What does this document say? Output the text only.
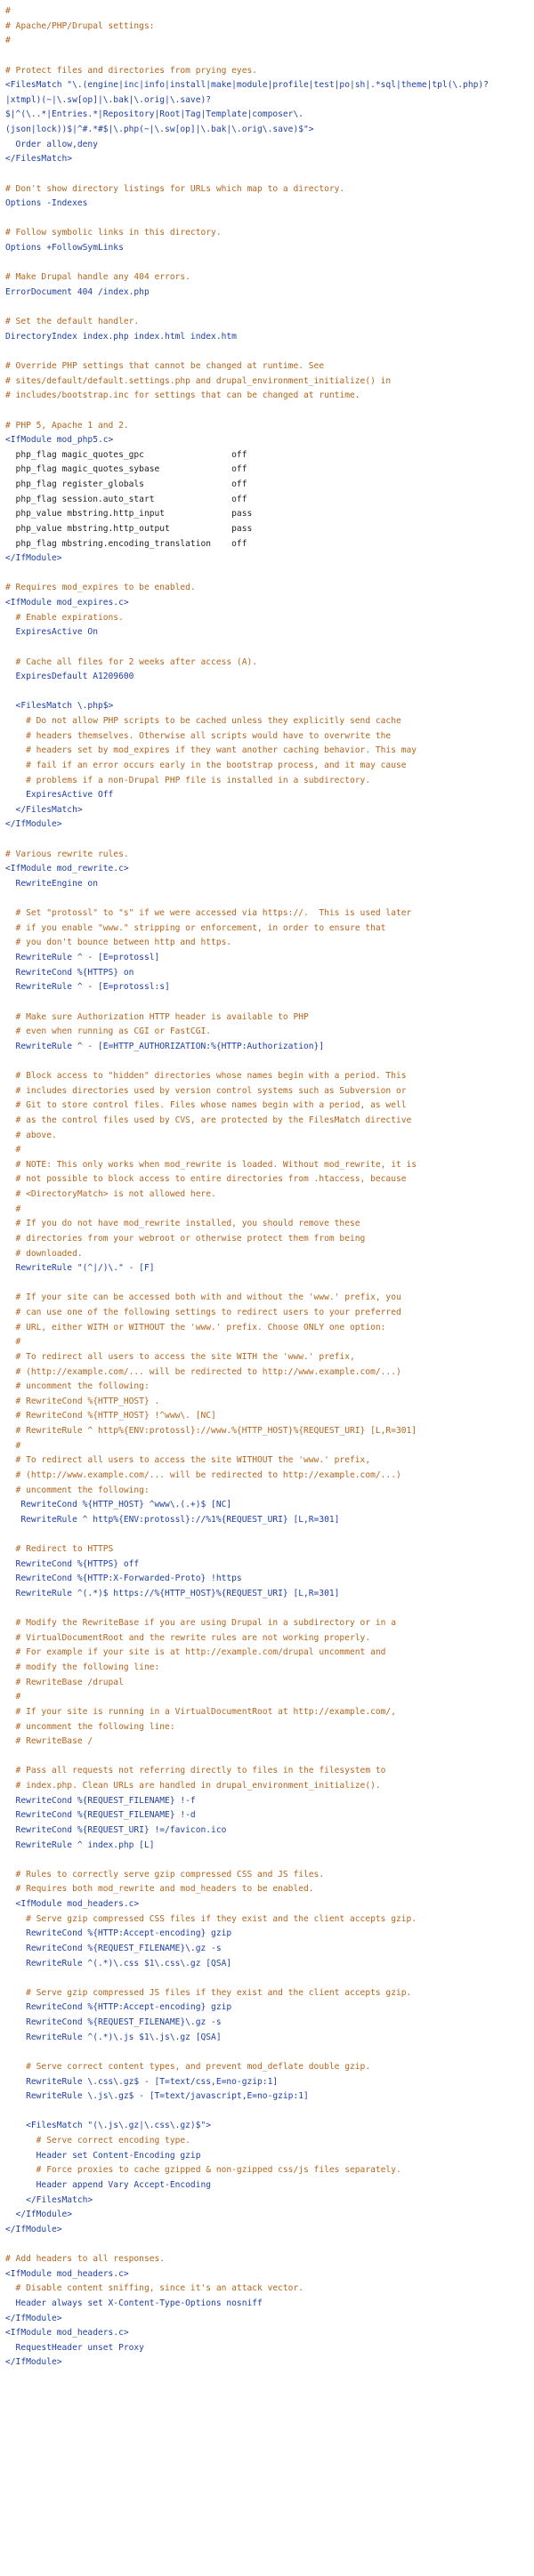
#
# Apache/PHP/Drupal settings:
#
# Protect files and directories from prying eyes.
<FilesMatch "\.(engine|inc|info|install|make|module|profile|test|po|sh|.*sql|theme|tpl(\.php)?
|xtmpl)(~|\.sw[op]|\.bak|\.orig|\.save)?
$|^(\..*|Entries.*|Repository|Root|Tag|Template|composer\.
(json|lock))$|^#.*#$|\.php(~|\.sw[op]|\.bak|\.orig\.save)$">
Order allow,deny
</FilesMatch>
# Don't show directory listings for URLs which map to a directory.
Options -Indexes
# Follow symbolic links in this directory.
Options +FollowSymLinks
# Make Drupal handle any 404 errors.
ErrorDocument 404 /index.php
# Set the default handler.
DirectoryIndex index.php index.html index.htm
# Override PHP settings that cannot be changed at runtime. See
# sites/default/default.settings.php and drupal_environment_initialize() in
# includes/bootstrap.inc for settings that can be changed at runtime.
# PHP 5, Apache 1 and 2.
<IfModule mod_php5.c>
php_flag magic_quotes_gpc                 off
php_flag magic_quotes_sybase              off
php_flag register_globals                 off
php_flag session.auto_start               off
php_value mbstring.http_input             pass
php_value mbstring.http_output            pass
php_flag mbstring.encoding_translation    off
</IfModule>
# Requires mod_expires to be enabled.
<IfModule mod_expires.c>
# Enable expirations.
ExpiresActive On
# Cache all files for 2 weeks after access (A).
ExpiresDefault A1209600
<FilesMatch \.php$>
# Do not allow PHP scripts to be cached unless they explicitly send cache
# headers themselves. Otherwise all scripts would have to overwrite the
# headers set by mod_expires if they want another caching behavior. This may
# fail if an error occurs early in the bootstrap process, and it may cause
# problems if a non-Drupal PHP file is installed in a subdirectory.
ExpiresActive Off
</FilesMatch>
</IfModule>
# Various rewrite rules.
<IfModule mod_rewrite.c>
RewriteEngine on
# Set "protossl" to "s" if we were accessed via https://.  This is used later
# if you enable "www." stripping or enforcement, in order to ensure that
# you don't bounce between http and https.
RewriteRule ^ - [E=protossl]
RewriteCond %{HTTPS} on
RewriteRule ^ - [E=protossl:s]
# Make sure Authorization HTTP header is available to PHP
# even when running as CGI or FastCGI.
RewriteRule ^ - [E=HTTP_AUTHORIZATION:%{HTTP:Authorization}]
# Block access to "hidden" directories whose names begin with a period. This
# includes directories used by version control systems such as Subversion or
# Git to store control files. Files whose names begin with a period, as well
# as the control files used by CVS, are protected by the FilesMatch directive
# above.
#
# NOTE: This only works when mod_rewrite is loaded. Without mod_rewrite, it is
# not possible to block access to entire directories from .htaccess, because
# <DirectoryMatch> is not allowed here.
#
# If you do not have mod_rewrite installed, you should remove these
# directories from your webroot or otherwise protect them from being
# downloaded.
RewriteRule "(^|/)\." - [F]
# If your site can be accessed both with and without the 'www.' prefix, you
# can use one of the following settings to redirect users to your preferred
# URL, either WITH or WITHOUT the 'www.' prefix. Choose ONLY one option:
#
# To redirect all users to access the site WITH the 'www.' prefix,
# (http://example.com/... will be redirected to http://www.example.com/...)
# uncomment the following:
# RewriteCond %{HTTP_HOST} .
# RewriteCond %{HTTP_HOST} !^www\. [NC]
# RewriteRule ^ http%{ENV:protossl}://www.%{HTTP_HOST}%{REQUEST_URI} [L,R=301]
#
# To redirect all users to access the site WITHOUT the 'www.' prefix,
# (http://www.example.com/... will be redirected to http://example.com/...)
# uncomment the following:
RewriteCond %{HTTP_HOST} ^www\.(.+)$ [NC]
RewriteRule ^ http%{ENV:protossl}://%1%{REQUEST_URI} [L,R=301]
# Redirect to HTTPS
RewriteCond %{HTTPS} off
RewriteCond %{HTTP:X-Forwarded-Proto} !https
RewriteRule ^(.*)$ https://%{HTTP_HOST}%{REQUEST_URI} [L,R=301]
# Modify the RewriteBase if you are using Drupal in a subdirectory or in a
# VirtualDocumentRoot and the rewrite rules are not working properly.
# For example if your site is at http://example.com/drupal uncomment and
# modify the following line:
# RewriteBase /drupal
#
# If your site is running in a VirtualDocumentRoot at http://example.com/,
# uncomment the following line:
# RewriteBase /
# Pass all requests not referring directly to files in the filesystem to
# index.php. Clean URLs are handled in drupal_environment_initialize().
RewriteCond %{REQUEST_FILENAME} !-f
RewriteCond %{REQUEST_FILENAME} !-d
RewriteCond %{REQUEST_URI} !=/favicon.ico
RewriteRule ^ index.php [L]
# Rules to correctly serve gzip compressed CSS and JS files.
# Requires both mod_rewrite and mod_headers to be enabled.
<IfModule mod_headers.c>
# Serve gzip compressed CSS files if they exist and the client accepts gzip.
RewriteCond %{HTTP:Accept-encoding} gzip
RewriteCond %{REQUEST_FILENAME}\.gz -s
RewriteRule ^(.*)\.css $1\.css\.gz [QSA]
# Serve gzip compressed JS files if they exist and the client accepts gzip.
RewriteCond %{HTTP:Accept-encoding} gzip
RewriteCond %{REQUEST_FILENAME}\.gz -s
RewriteRule ^(.*)\.js $1\.js\.gz [QSA]
# Serve correct content types, and prevent mod_deflate double gzip.
RewriteRule \.css\.gz$ - [T=text/css,E=no-gzip:1]
RewriteRule \.js\.gz$ - [T=text/javascript,E=no-gzip:1]
<FilesMatch "(\.js\.gz|\.css\.gz)$">
# Serve correct encoding type.
Header set Content-Encoding gzip
# Force proxies to cache gzipped & non-gzipped css/js files separately.
Header append Vary Accept-Encoding
</FilesMatch>
</IfModule>
</IfModule>
# Add headers to all responses.
<IfModule mod_headers.c>
# Disable content sniffing, since it's an attack vector.
Header always set X-Content-Type-Options nosniff
</IfModule>
<IfModule mod_headers.c>
RequestHeader unset Proxy
</IfModule>
